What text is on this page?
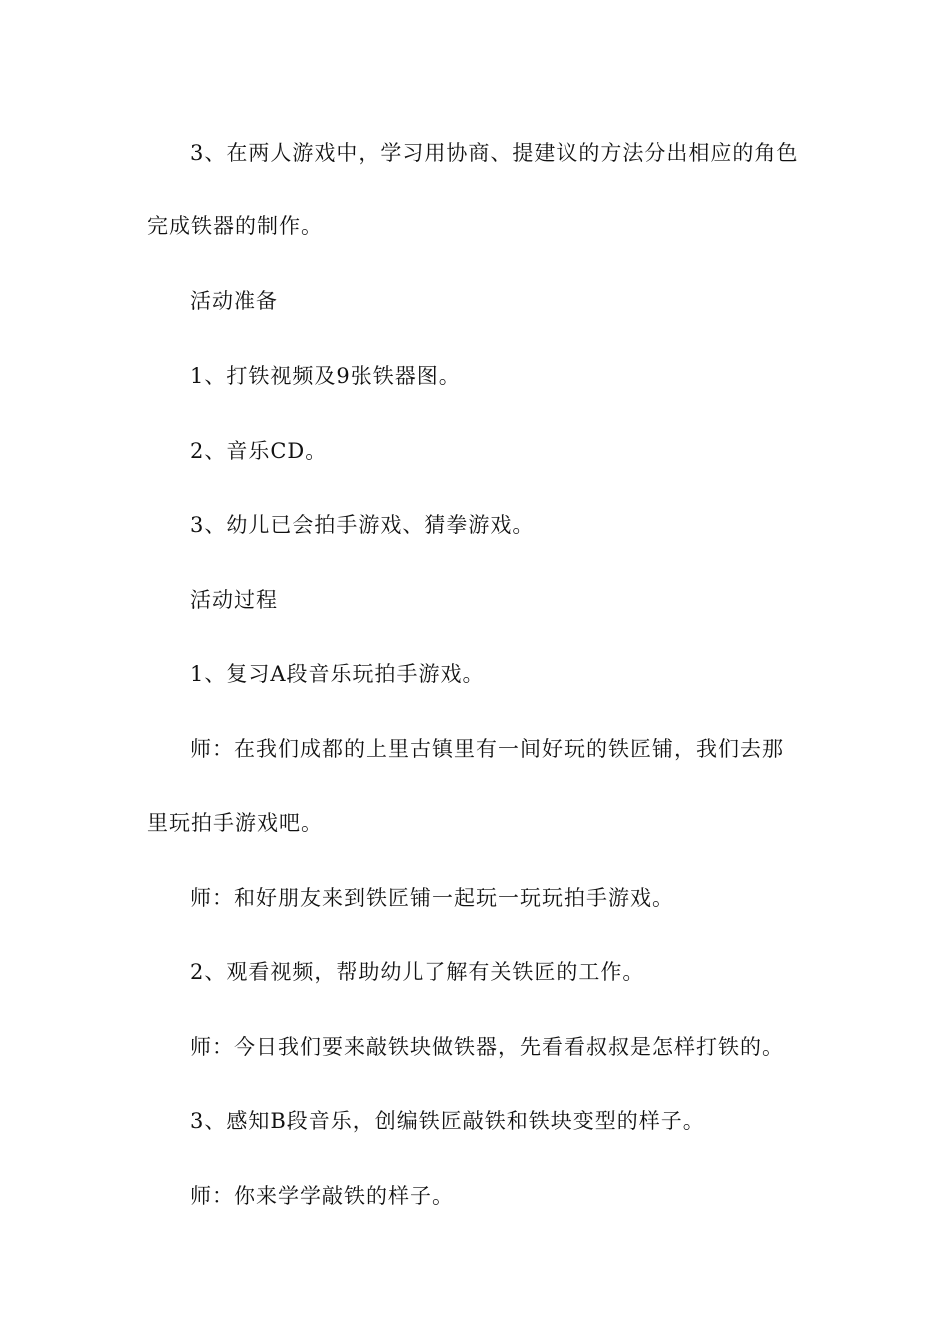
3、在两人游戏中，学习用协商、提建议的方法分出相应的角色

完成铁器的制作。

活动准备

1、打铁视频及9张铁器图。

2、音乐CD。

3、幼儿已会拍手游戏、猜拳游戏。

活动过程

1、复习A段音乐玩拍手游戏。

师：在我们成都的上里古镇里有一间好玩的铁匠铺，我们去那

里玩拍手游戏吧。

师：和好朋友来到铁匠铺一起玩一玩玩拍手游戏。

2、观看视频，帮助幼儿了解有关铁匠的工作。

师：今日我们要来敲铁块做铁器，先看看叔叔是怎样打铁的。

3、感知B段音乐，创编铁匠敲铁和铁块变型的样子。

师：你来学学敲铁的样子。
